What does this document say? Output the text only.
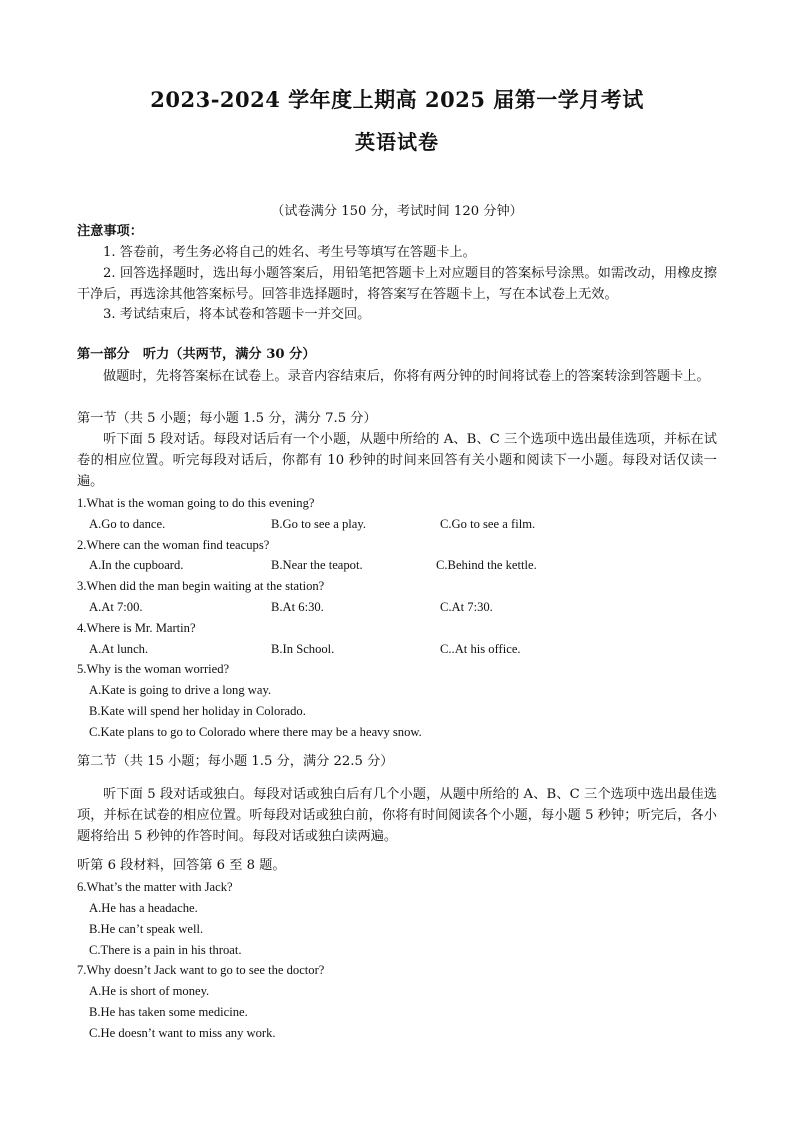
2023-2024 学年度上期高 2025 届第一学月考试
英语试卷
（试卷满分 150 分，考试时间 120 分钟）
注意事项：
1. 答卷前，考生务必将自己的姓名、考生号等填写在答题卡上。
2. 回答选择题时，选出每小题答案后，用铅笔把答题卡上对应题目的答案标号涂黑。如需改动，用橡皮擦干净后，再选涂其他答案标号。回答非选择题时，将答案写在答题卡上，写在本试卷上无效。
3. 考试结束后，将本试卷和答题卡一并交回。
第一部分　听力（共两节，满分 30 分）
做题时，先将答案标在试卷上。录音内容结束后，你将有两分钟的时间将试卷上的答案转涂到答题卡上。
第一节（共 5 小题；每小题 1.5 分，满分 7.5 分）
听下面 5 段对话。每段对话后有一个小题，从题中所给的 A、B、C 三个选项中选出最佳选项，并标在试卷的相应位置。听完每段对话后，你都有 10 秒钟的时间来回答有关小题和阅读下一小题。每段对话仅读一遍。
1.What is the woman going to do this evening?
A.Go to dance.	B.Go to see a play.	C.Go to see a film.
2.Where can the woman find teacups?
A.In the cupboard.	B.Near the teapot.	C.Behind the kettle.
3.When did the man begin waiting at the station?
A.At 7:00.	B.At 6:30.	C.At 7:30.
4.Where is Mr. Martin?
A.At lunch.	B.In School.	C..At his office.
5.Why is the woman worried?
A.Kate is going to drive a long way.
B.Kate will spend her holiday in Colorado.
C.Kate plans to go to Colorado where there may be a heavy snow.
第二节（共 15 小题；每小题 1.5 分，满分 22.5 分）
听下面 5 段对话或独白。每段对话或独白后有几个小题，从题中所给的 A、B、C 三个选项中选出最佳选项，并标在试卷的相应位置。听每段对话或独白前，你将有时间阅读各个小题，每小题 5 秒钟；听完后，各小题将给出 5 秒钟的作答时间。每段对话或独白读两遍。
听第 6 段材料，回答第 6 至 8 题。
6.What’s the matter with Jack?
A.He has a headache.
B.He can’t speak well.
C.There is a pain in his throat.
7.Why doesn’t Jack want to go to see the doctor?
A.He is short of money.
B.He has taken some medicine.
C.He doesn’t want to miss any work.
